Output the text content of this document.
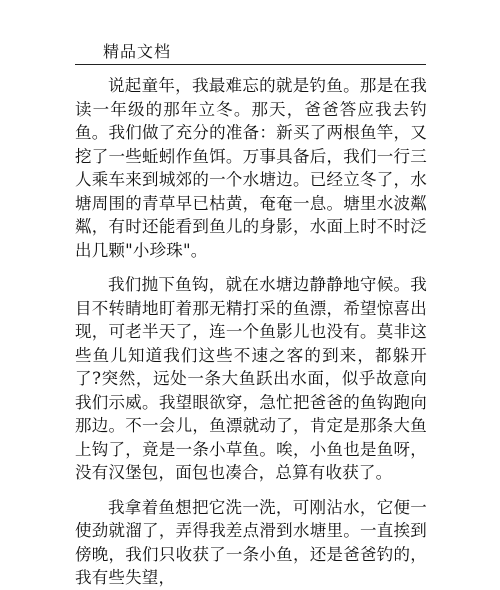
精品文档

说起童年，我最难忘的就是钓鱼。那是在我读一年级的那年立冬。那天，爸爸答应我去钓鱼。我们做了充分的准备：新买了两根鱼竿，又挖了一些蚯蚓作鱼饵。万事具备后，我们一行三人乘车来到城郊的一个水塘边。已经立冬了，水塘周围的青草早已枯黄，奄奄一息。塘里水波粼粼，有时还能看到鱼儿的身影，水面上时不时泛出几颗"小珍珠"。

我们抛下鱼钩，就在水塘边静静地守候。我目不转睛地盯着那无精打采的鱼漂，希望惊喜出现，可老半天了，连一个鱼影儿也没有。莫非这些鱼儿知道我们这些不速之客的到来，都躲开了?突然，远处一条大鱼跃出水面，似乎故意向我们示威。我望眼欲穿，急忙把爸爸的鱼钩跑向那边。不一会儿，鱼漂就动了，肯定是那条大鱼上钩了，竟是一条小草鱼。唉，小鱼也是鱼呀，没有汉堡包，面包也凑合，总算有收获了。

我拿着鱼想把它洗一洗，可刚沾水，它便一使劲就溜了，弄得我差点滑到水塘里。一直挨到傍晚，我们只收获了一条小鱼，还是爸爸钓的，我有些失望，
